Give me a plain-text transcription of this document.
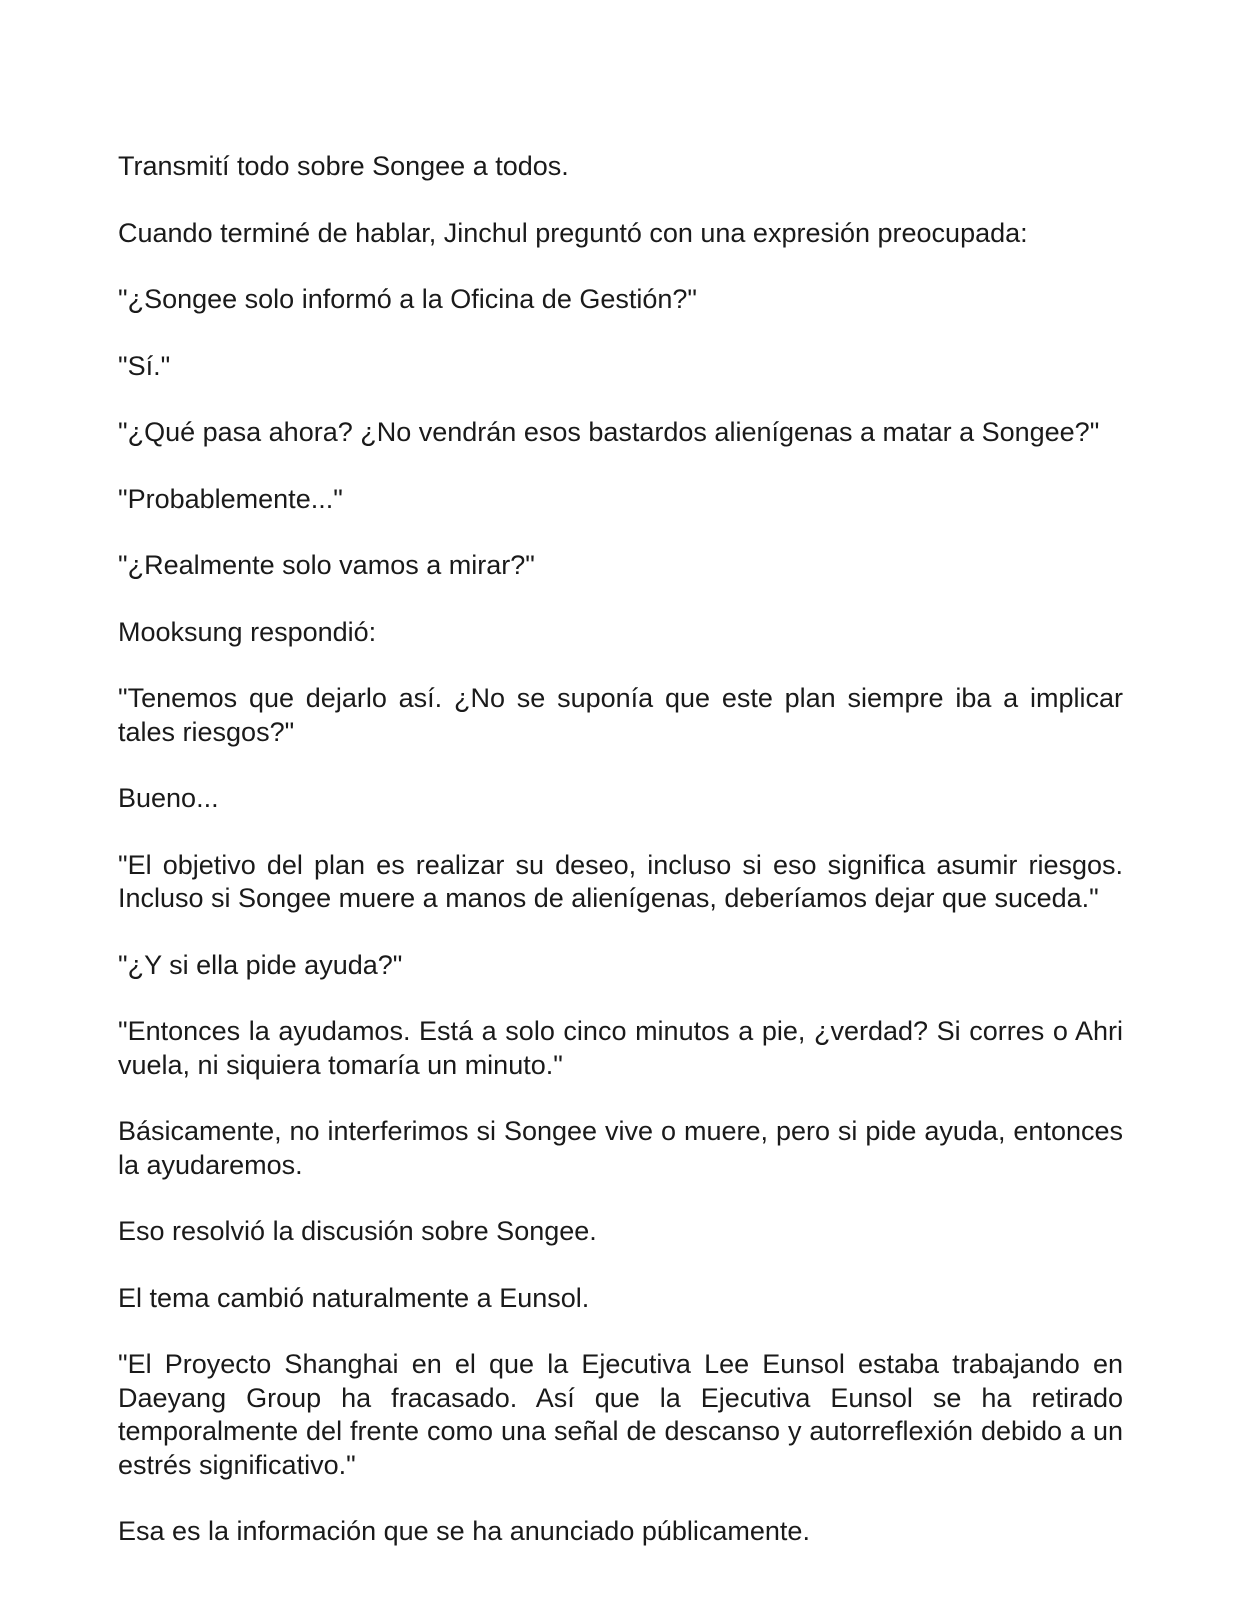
Transmití todo sobre Songee a todos.

Cuando terminé de hablar, Jinchul preguntó con una expresión preocupada:

"¿Songee solo informó a la Oficina de Gestión?"

"Sí."

"¿Qué pasa ahora? ¿No vendrán esos bastardos alienígenas a matar a Songee?"

"Probablemente..."

"¿Realmente solo vamos a mirar?"

Mooksung respondió:

"Tenemos que dejarlo así. ¿No se suponía que este plan siempre iba a implicar tales riesgos?"

Bueno...

"El objetivo del plan es realizar su deseo, incluso si eso significa asumir riesgos. Incluso si Songee muere a manos de alienígenas, deberíamos dejar que suceda."

"¿Y si ella pide ayuda?"

"Entonces la ayudamos. Está a solo cinco minutos a pie, ¿verdad? Si corres o Ahri vuela, ni siquiera tomaría un minuto."

Básicamente, no interferimos si Songee vive o muere, pero si pide ayuda, entonces la ayudaremos.

Eso resolvió la discusión sobre Songee.

El tema cambió naturalmente a Eunsol.

"El Proyecto Shanghai en el que la Ejecutiva Lee Eunsol estaba trabajando en Daeyang Group ha fracasado. Así que la Ejecutiva Eunsol se ha retirado temporalmente del frente como una señal de descanso y autorreflexión debido a un estrés significativo."

Esa es la información que se ha anunciado públicamente.
